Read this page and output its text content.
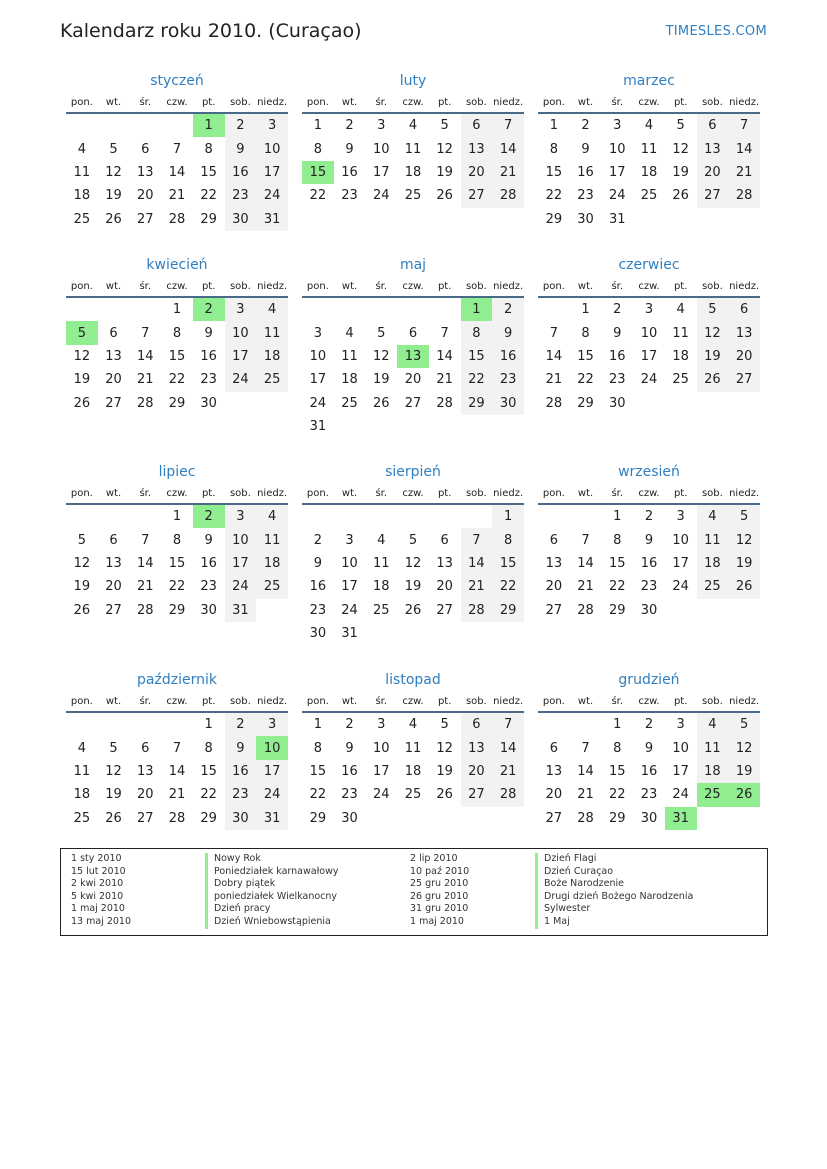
Kalendarz roku 2010. (Curaçao)	TIMESLES.COM
styczeń
pon.	wt.	śr.	czw.	pt.	sob.	niedz.
				1	2	3
4	5	6	7	8	9	10
11	12	13	14	15	16	17
18	19	20	21	22	23	24
25	26	27	28	29	30	31
luty
pon.	wt.	śr.	czw.	pt.	sob.	niedz.
1	2	3	4	5	6	7
8	9	10	11	12	13	14
15	16	17	18	19	20	21
22	23	24	25	26	27	28
marzec
pon.	wt.	śr.	czw.	pt.	sob.	niedz.
1	2	3	4	5	6	7
8	9	10	11	12	13	14
15	16	17	18	19	20	21
22	23	24	25	26	27	28
29	30	31				
kwiecień
pon.	wt.	śr.	czw.	pt.	sob.	niedz.
			1	2	3	4
5	6	7	8	9	10	11
12	13	14	15	16	17	18
19	20	21	22	23	24	25
26	27	28	29	30		
maj
pon.	wt.	śr.	czw.	pt.	sob.	niedz.
					1	2
3	4	5	6	7	8	9
10	11	12	13	14	15	16
17	18	19	20	21	22	23
24	25	26	27	28	29	30
31						
czerwiec
pon.	wt.	śr.	czw.	pt.	sob.	niedz.
	1	2	3	4	5	6
7	8	9	10	11	12	13
14	15	16	17	18	19	20
21	22	23	24	25	26	27
28	29	30				
lipiec
pon.	wt.	śr.	czw.	pt.	sob.	niedz.
			1	2	3	4
5	6	7	8	9	10	11
12	13	14	15	16	17	18
19	20	21	22	23	24	25
26	27	28	29	30	31	
sierpień
pon.	wt.	śr.	czw.	pt.	sob.	niedz.
						1
2	3	4	5	6	7	8
9	10	11	12	13	14	15
16	17	18	19	20	21	22
23	24	25	26	27	28	29
30	31					
wrzesień
pon.	wt.	śr.	czw.	pt.	sob.	niedz.
		1	2	3	4	5
6	7	8	9	10	11	12
13	14	15	16	17	18	19
20	21	22	23	24	25	26
27	28	29	30			
październik
pon.	wt.	śr.	czw.	pt.	sob.	niedz.
				1	2	3
4	5	6	7	8	9	10
11	12	13	14	15	16	17
18	19	20	21	22	23	24
25	26	27	28	29	30	31
listopad
pon.	wt.	śr.	czw.	pt.	sob.	niedz.
1	2	3	4	5	6	7
8	9	10	11	12	13	14
15	16	17	18	19	20	21
22	23	24	25	26	27	28
29	30					
grudzień
pon.	wt.	śr.	czw.	pt.	sob.	niedz.
		1	2	3	4	5
6	7	8	9	10	11	12
13	14	15	16	17	18	19
20	21	22	23	24	25	26
27	28	29	30	31		
1 sty 2010	Nowy Rok
15 lut 2010	Poniedziałek karnawałowy
2 kwi 2010	Dobry piątek
5 kwi 2010	poniedziałek Wielkanocny
1 maj 2010	Dzień pracy
13 maj 2010	Dzień Wniebowstąpienia
2 lip 2010	Dzień Flagi
10 paź 2010	Dzień Curaçao
25 gru 2010	Boże Narodzenie
26 gru 2010	Drugi dzień Bożego Narodzenia
31 gru 2010	Sylwester
1 maj 2010	1 Maj
